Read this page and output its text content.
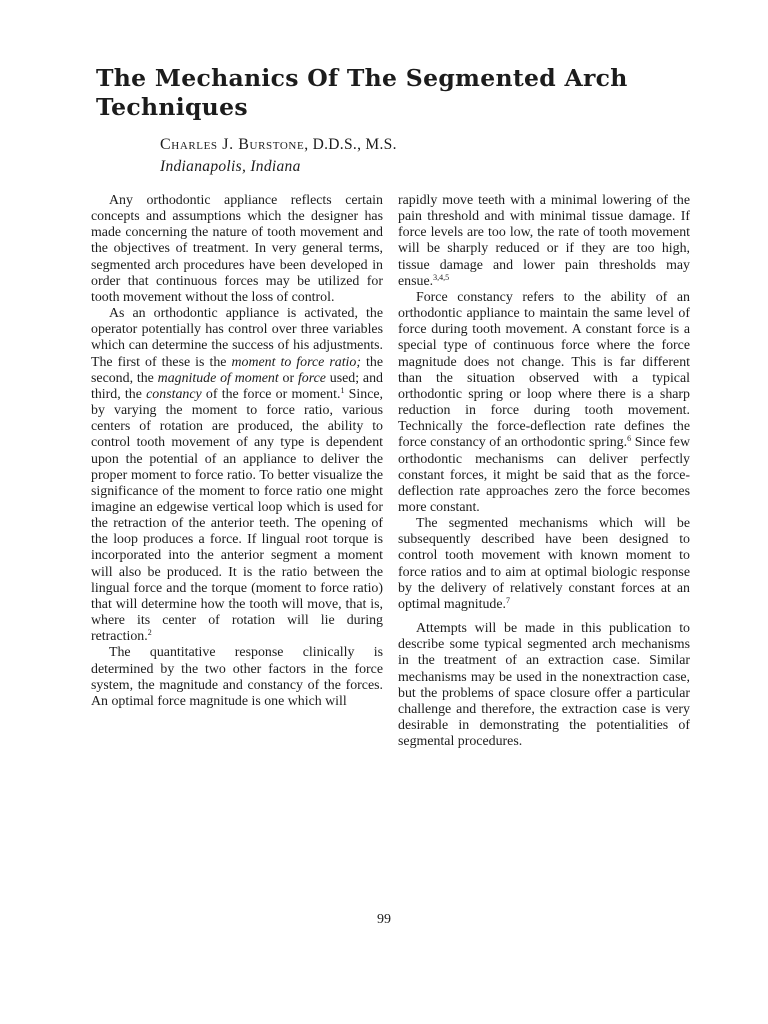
The Mechanics Of The Segmented Arch Techniques
Charles J. Burstone, D.D.S., M.S.
Indianapolis, Indiana

Any orthodontic appliance reflects certain concepts and assumptions which the designer has made concerning the nature of tooth movement and the objectives of treatment. In very general terms, segmented arch procedures have been developed in order that continuous forces may be utilized for tooth movement without the loss of control.

As an orthodontic appliance is activated, the operator potentially has control over three variables which can determine the success of his adjustments. The first of these is the moment to force ratio; the second, the magnitude of moment or force used; and third, the constancy of the force or moment.$^1$ Since, by varying the moment to force ratio, various centers of rotation are produced, the ability to control tooth movement of any type is dependent upon the potential of an appliance to deliver the proper moment to force ratio. To better visualize the significance of the moment to force ratio one might imagine an edgewise vertical loop which is used for the retraction of the anterior teeth. The opening of the loop produces a force. If lingual root torque is incorporated into the anterior segment a moment will also be produced. It is the ratio between the lingual force and the torque (moment to force ratio) that will determine how the tooth will move, that is, where its center of rotation will lie during retraction.$^2$

The quantitative response clinically is determined by the two other factors in the force system, the magnitude and constancy of the forces. An optimal force magnitude is one which will

rapidly move teeth with a minimal lowering of the pain threshold and with minimal tissue damage. If force levels are too low, the rate of tooth movement will be sharply reduced or if they are too high, tissue damage and lower pain thresholds may ensue.$^{3,4,5}$

Force constancy refers to the ability of an orthodontic appliance to maintain the same level of force during tooth movement. A constant force is a special type of continuous force where the force magnitude does not change. This is far different than the situation observed with a typical orthodontic spring or loop where there is a sharp reduction in force during tooth movement. Technically the force-deflection rate defines the force constancy of an orthodontic spring.$^6$ Since few orthodontic mechanisms can deliver perfectly constant forces, it might be said that as the force-deflection rate approaches zero the force becomes more constant.

The segmented mechanisms which will be subsequently described have been designed to control tooth movement with known moment to force ratios and to aim at optimal biologic response by the delivery of relatively constant forces at an optimal magnitude.$^7$

Attempts will be made in this publication to describe some typical segmented arch mechanisms in the treatment of an extraction case. Similar mechanisms may be used in the nonextraction case, but the problems of space closure offer a particular challenge and therefore, the extraction case is very desirable in demonstrating the potentialities of segmental procedures.

99
